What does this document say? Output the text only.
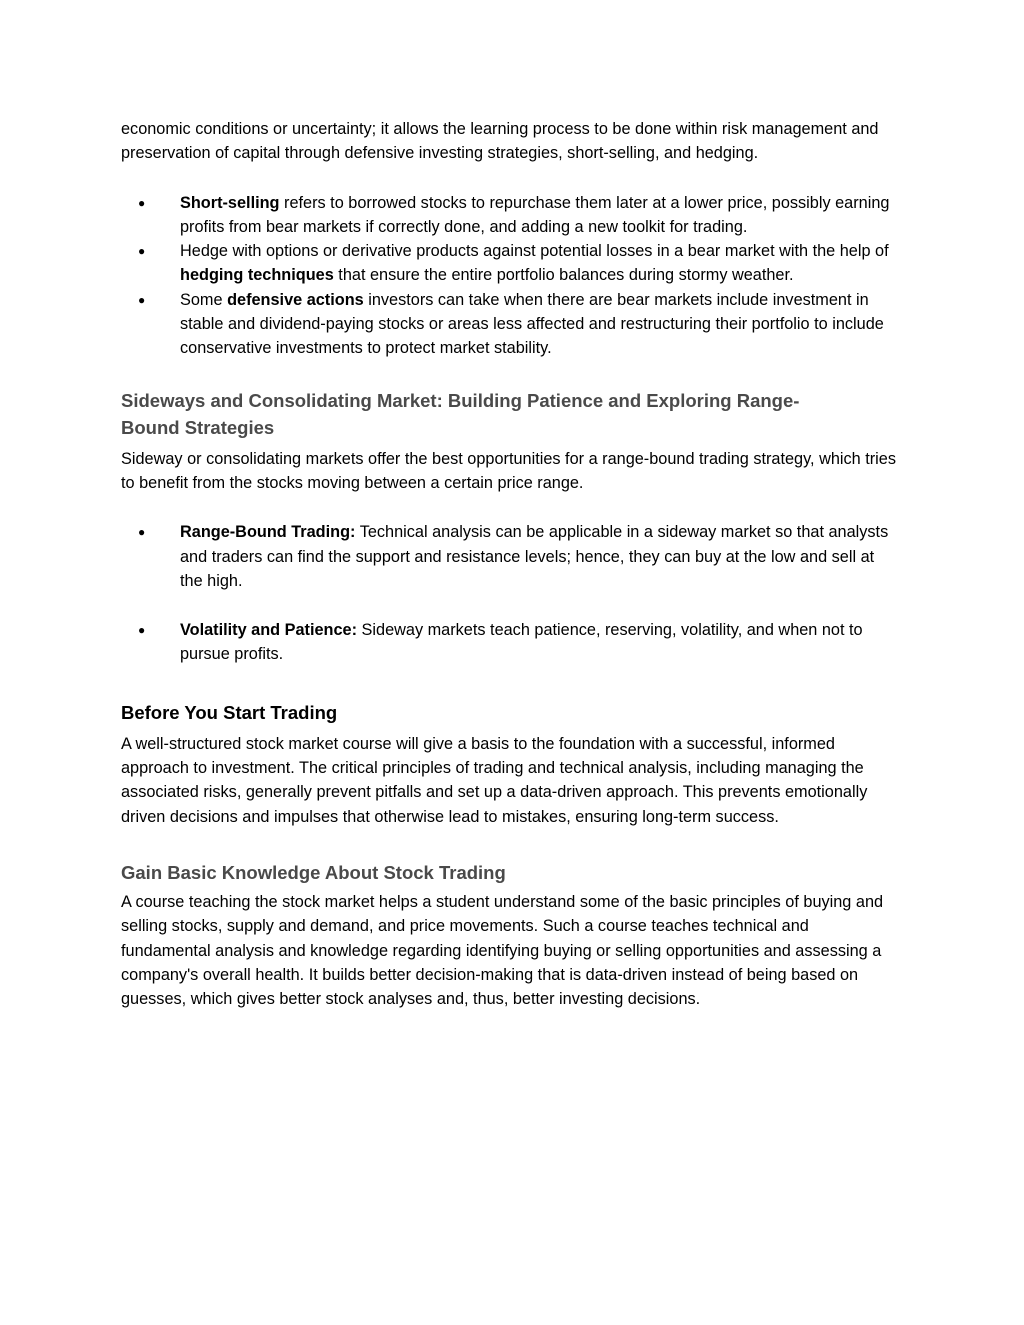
economic conditions or uncertainty; it allows the learning process to be done within risk management and preservation of capital through defensive investing strategies, short-selling, and hedging.

● Short-selling refers to borrowed stocks to repurchase them later at a lower price, possibly earning profits from bear markets if correctly done, and adding a new toolkit for trading.
● Hedge with options or derivative products against potential losses in a bear market with the help of hedging techniques that ensure the entire portfolio balances during stormy weather.
● Some defensive actions investors can take when there are bear markets include investment in stable and dividend-paying stocks or areas less affected and restructuring their portfolio to include conservative investments to protect market stability.
Sideways and Consolidating Market: Building Patience and Exploring Range-Bound Strategies

Sideway or consolidating markets offer the best opportunities for a range-bound trading strategy, which tries to benefit from the stocks moving between a certain price range.

● Range-Bound Trading: Technical analysis can be applicable in a sideway market so that analysts and traders can find the support and resistance levels; hence, they can buy at the low and sell at the high.
● Volatility and Patience: Sideway markets teach patience, reserving, volatility, and when not to pursue profits.
Before You Start Trading

A well-structured stock market course will give a basis to the foundation with a successful, informed approach to investment. The critical principles of trading and technical analysis, including managing the associated risks, generally prevent pitfalls and set up a data-driven approach. This prevents emotionally driven decisions and impulses that otherwise lead to mistakes, ensuring long-term success.

Gain Basic Knowledge About Stock Trading

A course teaching the stock market helps a student understand some of the basic principles of buying and selling stocks, supply and demand, and price movements. Such a course teaches technical and fundamental analysis and knowledge regarding identifying buying or selling opportunities and assessing a company's overall health. It builds better decision-making that is data-driven instead of being based on guesses, which gives better stock analyses and, thus, better investing decisions.
